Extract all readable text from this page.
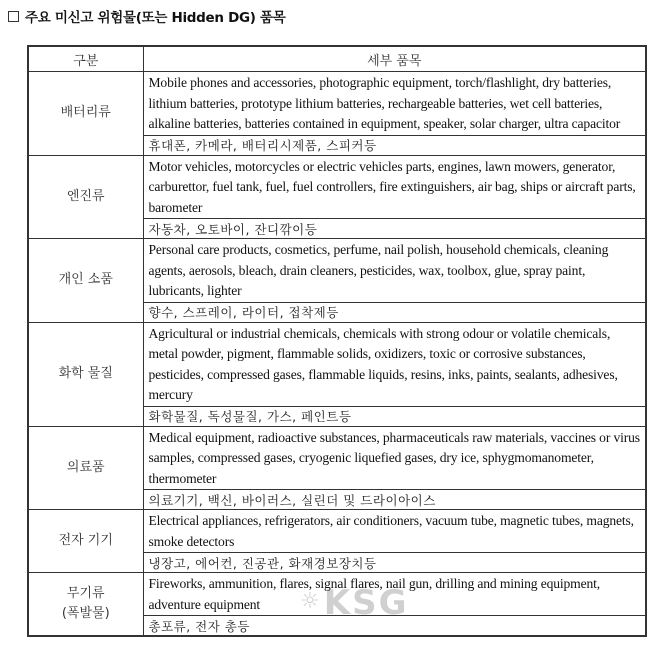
주요 미신고 위험물(또는 Hidden DG) 품목
구분	세부 품목
배터리류	Mobile phones and accessories, photographic equipment, torch/flashlight, dry batteries, lithium batteries, prototype lithium batteries, rechargeable batteries, wet cell batteries, alkaline batteries, batteries contained in equipment, speaker, solar charger, ultra capacitor
	휴대폰, 카메라, 배터리시제품, 스피커등
엔진류	Motor vehicles, motorcycles or electric vehicles parts, engines, lawn mowers, generator, carburettor, fuel tank, fuel, fuel controllers, fire extinguishers, air bag, ships or aircraft parts, barometer
	자동차, 오토바이, 잔디깎이등
개인 소품	Personal care products, cosmetics, perfume, nail polish, household chemicals, cleaning agents, aerosols, bleach, drain cleaners, pesticides, wax, toolbox, glue, spray paint, lubricants, lighter
	향수, 스프레이, 라이터, 접착제등
화학 물질	Agricultural or industrial chemicals, chemicals with strong odour or volatile chemicals, metal powder, pigment, flammable solids, oxidizers, toxic or corrosive substances, pesticides, compressed gases, flammable liquids, resins, inks, paints, sealants, adhesives, mercury
	화학물질, 독성물질, 가스, 페인트등
의료품	Medical equipment, radioactive substances, pharmaceuticals raw materials, vaccines or virus samples, compressed gases, cryogenic liquefied gases, dry ice, sphygmomanometer, thermometer
	의료기기, 백신, 바이러스, 실린더 및 드라이아이스
전자 기기	Electrical appliances, refrigerators, air conditioners, vacuum tube, magnetic tubes, magnets, smoke detectors
	냉장고, 에어컨, 진공관, 화재경보장치등

무기류
(폭발물)	Fireworks, ammunition, flares, signal flares, nail gun, drilling and mining equipment, adventure equipment
	총포류, 전자 총등
☼KSG
